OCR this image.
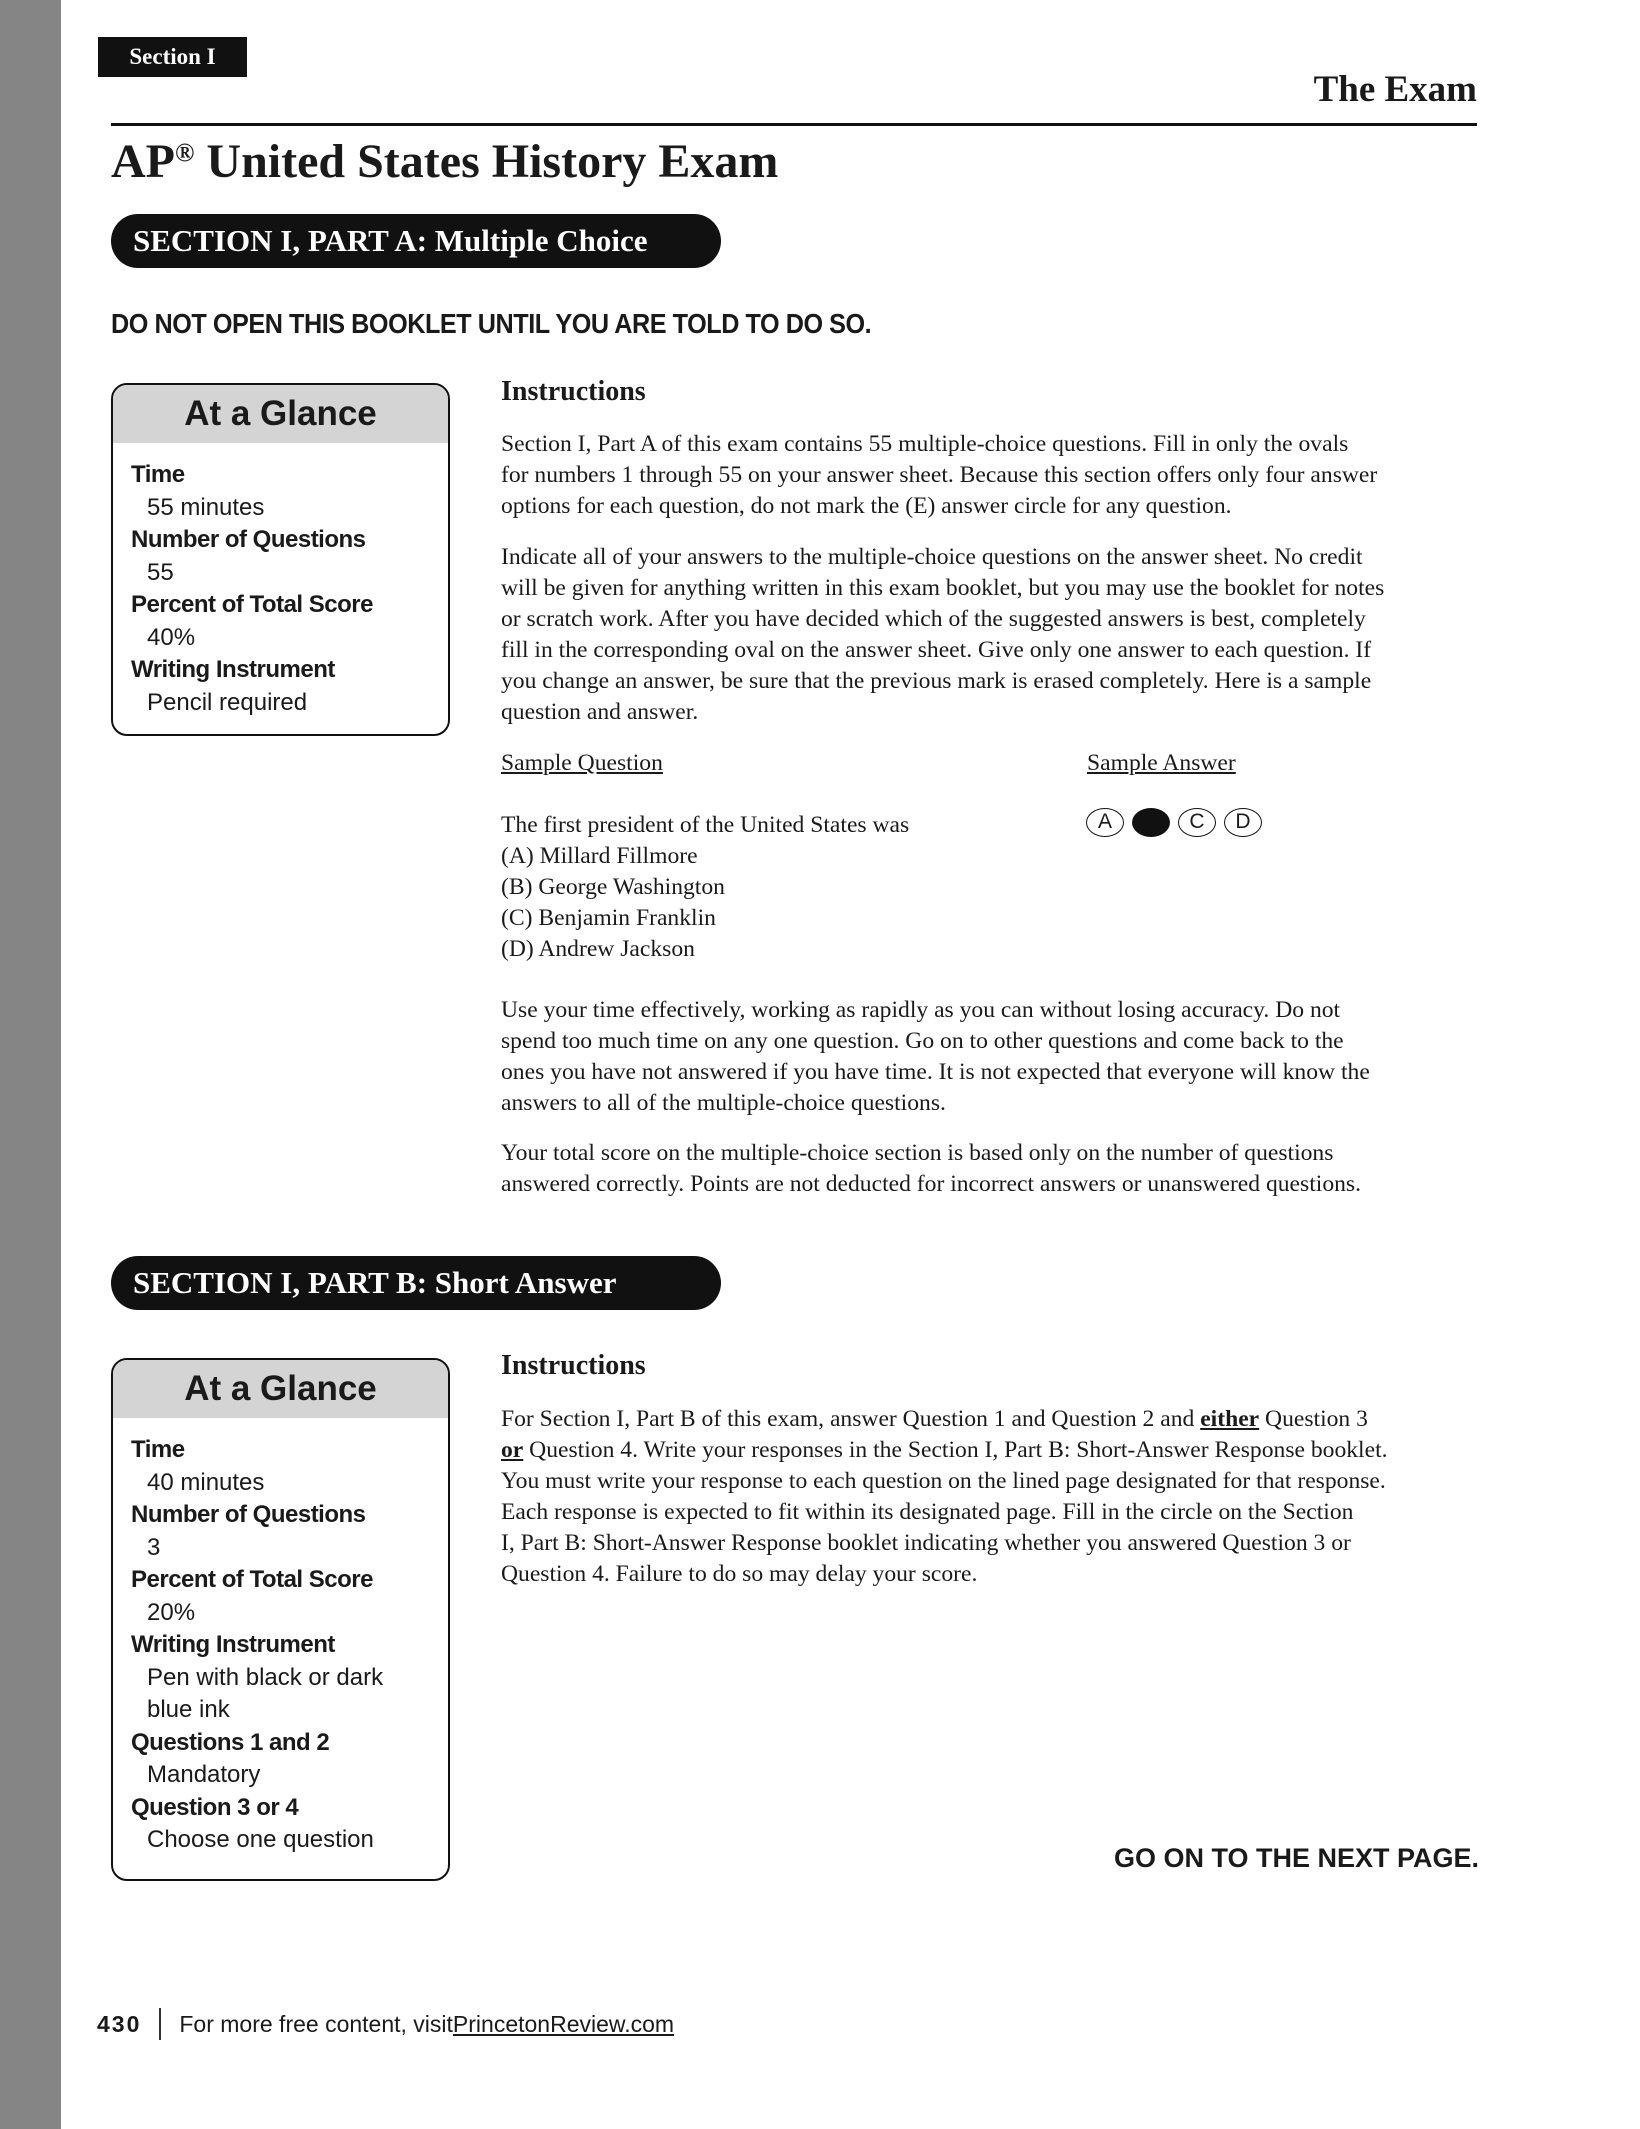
Section I
The Exam
AP® United States History Exam
SECTION I, PART A: Multiple Choice
DO NOT OPEN THIS BOOKLET UNTIL YOU ARE TOLD TO DO SO.
At a Glance
Time
55 minutes
Number of Questions
55
Percent of Total Score
40%
Writing Instrument
Pencil required
Instructions
Section I, Part A of this exam contains 55 multiple-choice questions. Fill in only the ovals
for numbers 1 through 55 on your answer sheet. Because this section offers only four answer
options for each question, do not mark the (E) answer circle for any question.
Indicate all of your answers to the multiple-choice questions on the answer sheet. No credit
will be given for anything written in this exam booklet, but you may use the booklet for notes
or scratch work. After you have decided which of the suggested answers is best, completely
fill in the corresponding oval on the answer sheet. Give only one answer to each question. If
you change an answer, be sure that the previous mark is erased completely. Here is a sample
question and answer.
Sample Question	Sample Answer
The first president of the United States was
(A) Millard Fillmore
(B) George Washington
(C) Benjamin Franklin
(D) Andrew Jackson
A	C	D
Use your time effectively, working as rapidly as you can without losing accuracy. Do not
spend too much time on any one question. Go on to other questions and come back to the
ones you have not answered if you have time. It is not expected that everyone will know the
answers to all of the multiple-choice questions.
Your total score on the multiple-choice section is based only on the number of questions
answered correctly. Points are not deducted for incorrect answers or unanswered questions.
SECTION I, PART B: Short Answer
At a Glance
Time
40 minutes
Number of Questions
3
Percent of Total Score
20%
Writing Instrument
Pen with black or dark
blue ink
Questions 1 and 2
Mandatory
Question 3 or 4
Choose one question
Instructions
For Section I, Part B of this exam, answer Question 1 and Question 2 and either Question 3
or Question 4. Write your responses in the Section I, Part B: Short-Answer Response booklet.
You must write your response to each question on the lined page designated for that response.
Each response is expected to fit within its designated page. Fill in the circle on the Section
I, Part B: Short-Answer Response booklet indicating whether you answered Question 3 or
Question 4. Failure to do so may delay your score.
GO ON TO THE NEXT PAGE.
430 For more free content, visit PrincetonReview.com
